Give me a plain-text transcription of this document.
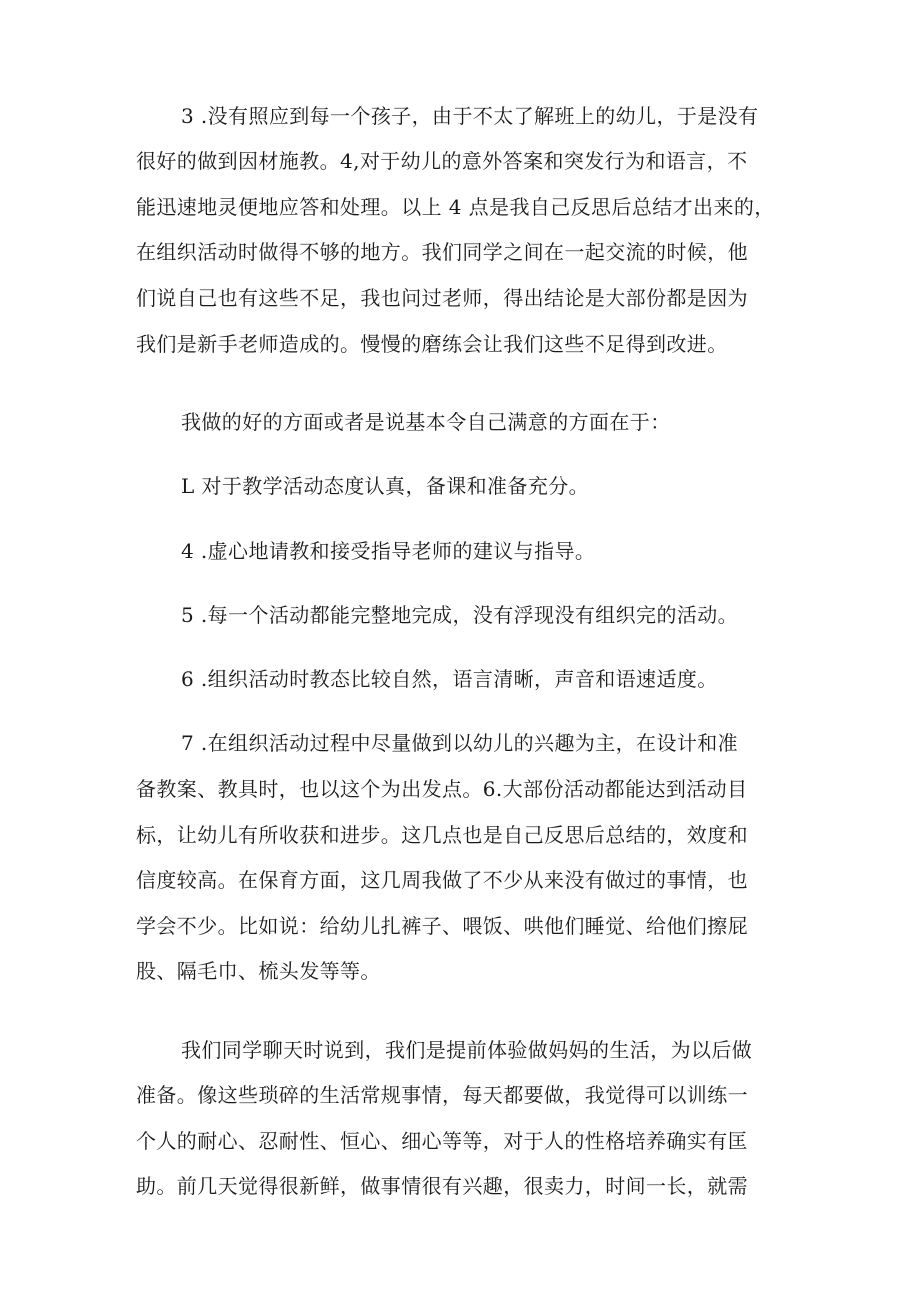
3 .没有照应到每一个孩子，由于不太了解班上的幼儿，于是没有
很好的做到因材施教。4,对于幼儿的意外答案和突发行为和语言，不
能迅速地灵便地应答和处理。以上 4 点是我自己反思后总结才出来的，
在组织活动时做得不够的地方。我们同学之间在一起交流的时候，他
们说自己也有这些不足，我也问过老师，得出结论是大部份都是因为
我们是新手老师造成的。慢慢的磨练会让我们这些不足得到改进。
我做的好的方面或者是说基本令自己满意的方面在于：
L 对于教学活动态度认真，备课和准备充分。
4 .虚心地请教和接受指导老师的建议与指导。
5 .每一个活动都能完整地完成，没有浮现没有组织完的活动。
6 .组织活动时教态比较自然，语言清晰，声音和语速适度。
7 .在组织活动过程中尽量做到以幼儿的兴趣为主，在设计和准
备教案、教具时，也以这个为出发点。6.大部份活动都能达到活动目
标，让幼儿有所收获和进步。这几点也是自己反思后总结的，效度和
信度较高。在保育方面，这几周我做了不少从来没有做过的事情，也
学会不少。比如说：给幼儿扎裤子、喂饭、哄他们睡觉、给他们擦屁
股、隔毛巾、梳头发等等。
我们同学聊天时说到，我们是提前体验做妈妈的生活，为以后做
准备。像这些琐碎的生活常规事情，每天都要做，我觉得可以训练一
个人的耐心、忍耐性、恒心、细心等等，对于人的性格培养确实有匡
助。前几天觉得很新鲜，做事情很有兴趣，很卖力，时间一长，就需
